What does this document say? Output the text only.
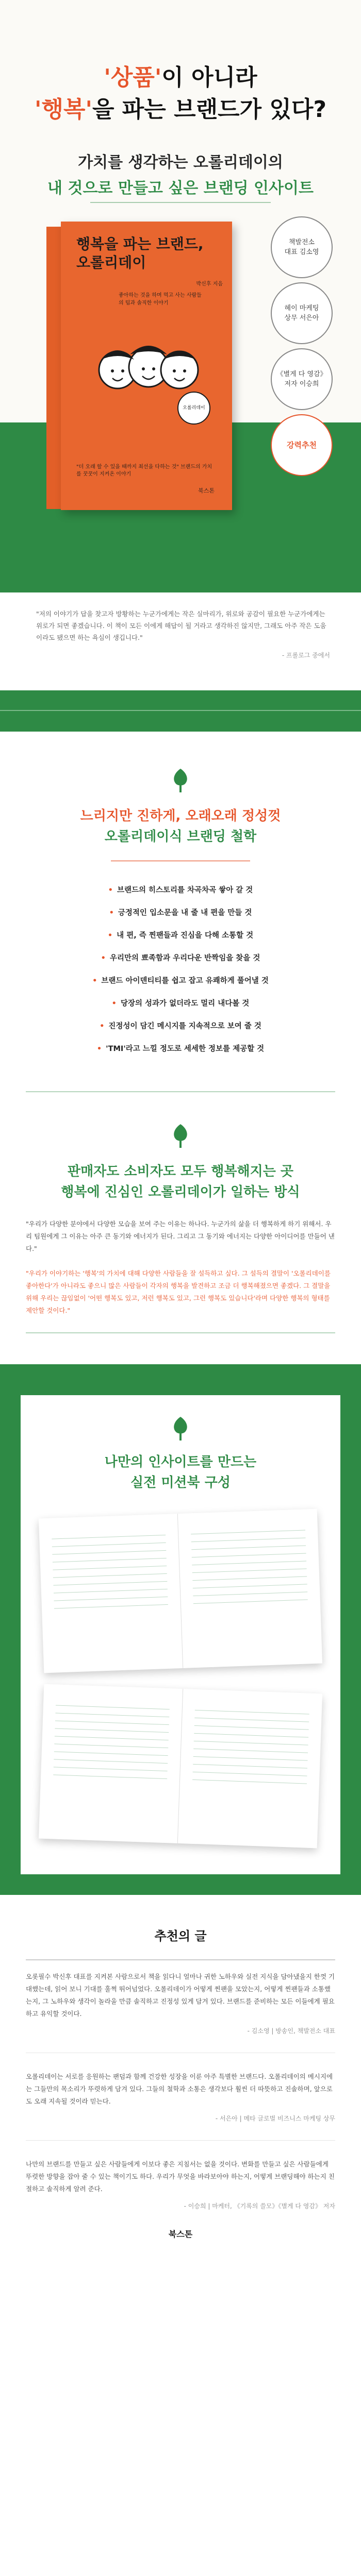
'상품'이 아니라
'행복'을 파는 브랜드가 있다?
가치를 생각하는 오롤리데이의
내 것으로 만들고 싶은 브랜딩 인사이트
행복을 파는 브랜드, 오롤리데이
박신후 지음
좋아하는 것을 하며 먹고 사는 사람들의 팁과 솔직한 이야기
오롤리데이
"더 오래 할 수 있을 때까지 최선을 다하는 것" 브랜드의 가치를 꿋꿋이 지켜온 이야기
북스톤
책발전소
대표 김소영
헤이 마케팅
상무 서은아
《별게 다 영감》
저자 이승희
강력추천

"저의 이야기가 답을 찾고자 방황하는 누군가에게는 작은 실마리가, 위로와 공감이 필요한 누군가에게는 위로가 되면 좋겠습니다. 이 책이 모든 이에게 해답이 될 거라고 생각하진 않지만, 그래도 아주 작은 도움이라도 됐으면 하는 욕심이 생깁니다."

- 프롤로그 중에서

느리지만 진하게, 오래오래 정성껏
오롤리데이식 브랜딩 철학
• 브랜드의 히스토리를 차곡차곡 쌓아 갈 것
• 긍정적인 입소문을 내 줄 내 편을 만들 것
• 내 편, 즉 찐팬들과 진심을 다해 소통할 것
• 우리만의 뾰족함과 우리다운 반짝임을 찾을 것
• 브랜드 아이덴티티를 쉽고 잡고 유쾌하게 풀어낼 것
• 당장의 성과가 없더라도 멀리 내다볼 것
• 진정성이 담긴 메시지를 지속적으로 보여 줄 것
• 'TMI'라고 느낄 정도로 세세한 정보를 제공할 것
판매자도 소비자도 모두 행복해지는 곳
행복에 진심인 오롤리데이가 일하는 방식

"우리가 다양한 분야에서 다양한 모습을 보여 주는 이유는 하나다. 누군가의 삶을 더 행복하게 하기 위해서. 우리 팀원에게 그 이유는 아주 큰 동기와 에너지가 된다. 그리고 그 동기와 에너지는 다양한 아이디어를 만들어 낸다."

"우리가 이야기하는 '행복'의 가치에 대해 다양한 사람들을 잘 설득하고 싶다. 그 설득의 결말이 '오롤리데이를 좋아한다'가 아니라도 좋으니 많은 사람들이 각자의 행복을 발견하고 조금 더 행복해졌으면 좋겠다. 그 결말을 위해 우리는 끊임없이 '어떤 행복도 있고, 저런 행복도 있고, 그런 행복도 있습니다'라며 다양한 행복의 형태를 제안할 것이다."

나만의 인사이트를 만드는
실전 미션북 구성
추천의 글

오롯필수 박신후 대표를 지켜본 사람으로서 책을 읽다니 얼마나 귀한 노하우와 실전 지식을 담아냈을지 한껏 기대했는데, 읽어 보니 기대를 훌쩍 뛰어넘었다. 오롤리데이가 어떻게 찐팬을 모았는지, 어떻게 찐팬들과 소통했는지, 그 노하우와 생각이 놀라울 만큼 솔직하고 진정성 있게 담겨 있다. 브랜드를 준비하는 모든 이들에게 필요하고 유익할 것이다.

- 김소영 | 방송인, 책발전소 대표

오롤리데이는 서로를 응원하는 팬덤과 함께 건강한 성장을 이룬 아주 특별한 브랜드다. 오롤리데이의 메시지에는 그들만의 목소리가 뚜렷하게 담겨 있다. 그들의 철학과 소통은 생각보다 훨씬 더 따뜻하고 진솔하며, 앞으로도 오래 지속될 것이라 믿는다.

- 서은아 | 메타 글로벌 비즈니스 마케팅 상무

나만의 브랜드를 만들고 싶은 사람들에게 이보다 좋은 지침서는 없을 것이다. 변화를 만들고 싶은 사람들에게 뚜렷한 방향을 잡아 줄 수 있는 책이기도 하다. 우리가 무엇을 바라보아야 하는지, 어떻게 브랜딩해야 하는지 친절하고 솔직하게 알려 준다.

- 이승희 | 마케터, 《기록의 쓸모》《별게 다 영감》 저자

북스톤
